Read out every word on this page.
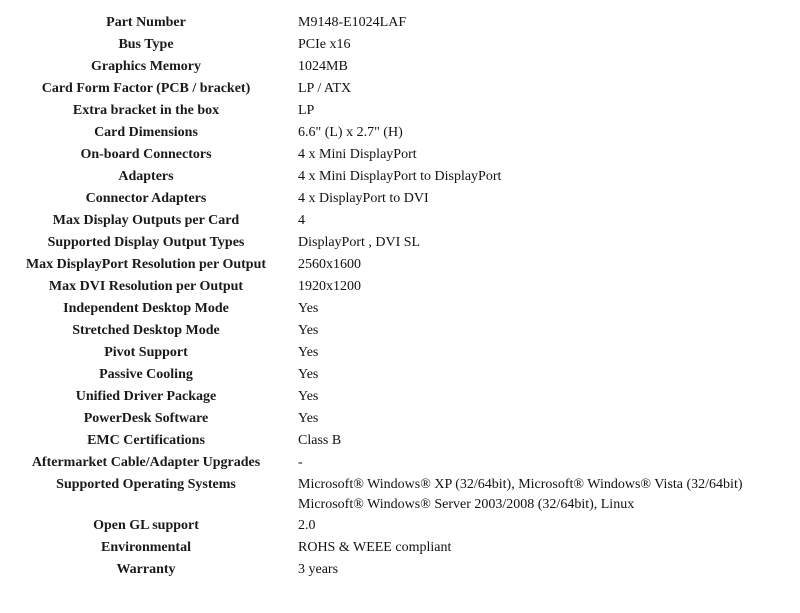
Part Number	M9148-E1024LAF
Bus Type	PCIe x16
Graphics Memory	1024MB
Card Form Factor (PCB / bracket)	LP / ATX
Extra bracket in the box	LP
Card Dimensions	6.6" (L) x 2.7" (H)
On-board Connectors	4 x Mini DisplayPort
Adapters	4 x Mini DisplayPort to DisplayPort
Connector Adapters	4 x DisplayPort to DVI
Max Display Outputs per Card	4
Supported Display Output Types	DisplayPort , DVI SL
Max DisplayPort Resolution per Output	2560x1600
Max DVI Resolution per Output	1920x1200
Independent Desktop Mode	Yes
Stretched Desktop Mode	Yes
Pivot Support	Yes
Passive Cooling	Yes
Unified Driver Package	Yes
PowerDesk Software	Yes
EMC Certifications	Class B
Aftermarket Cable/Adapter Upgrades	-
Supported Operating Systems	Microsoft® Windows® XP (32/64bit), Microsoft® Windows® Vista (32/64bit)
Microsoft® Windows® Server 2003/2008 (32/64bit), Linux
Open GL support	2.0
Environmental	ROHS & WEEE compliant
Warranty	3 years
